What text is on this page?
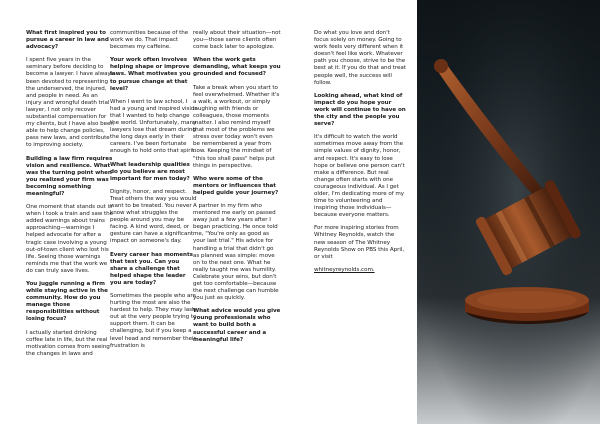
What first inspired you to pursue a career in law and advocacy?

I spent five years in the seminary before deciding to become a lawyer. I have always been devoted to representing the underserved, the injured, and people in need. As an injury and wrongful death trial lawyer, I not only recover substantial compensation for my clients, but I have also been able to help change policies, pass new laws, and contribute to improving society.

Building a law firm requires vision and resilience. What was the turning point when you realized your firm was becoming something meaningful?

One moment that stands out is when I took a train and saw the added warnings about trains approaching—warnings I helped advocate for after a tragic case involving a young out-of-town client who lost his life. Seeing those warnings reminds me that the work we do can truly save lives.

You juggle running a firm while staying active in the community. How do you manage those responsibilities without losing focus?

I actually started drinking coffee late in life, but the real motivation comes from seeing the changes in laws and

communities because of the work we do. That impact becomes my caffeine.

Your work often involves helping shape or improve laws. What motivates you to pursue change at that level?

When I went to law school, I had a young and inspired vision that I wanted to help change the world. Unfortunately, many lawyers lose that dream during the long days early in their careers. I've been fortunate enough to hold onto that spirit.

What leadership qualities do you believe are most important for men today?

Dignity, honor, and respect. Treat others the way you would want to be treated. You never know what struggles the people around you may be facing. A kind word, deed, or gesture can have a significant impact on someone's day.

Every career has moments that test you. Can you share a challenge that helped shape the leader you are today?

Sometimes the people who are hurting the most are also the hardest to help. They may lash out at the very people trying to support them. It can be challenging, but if you keep a level head and remember their frustration is

really about their situation—not you—those same clients often come back later to apologize.

When the work gets demanding, what keeps you grounded and focused?

Take a break when you start to feel overwhelmed. Whether it's a walk, a workout, or simply laughing with friends or colleagues, those moments matter. I also remind myself that most of the problems we stress over today won't even be remembered a year from now. Keeping the mindset of "this too shall pass" helps put things in perspective.

Who were some of the mentors or influences that helped guide your journey?

A partner in my firm who mentored me early on passed away just a few years after I began practicing. He once told me, "You're only as good as your last trial." His advice for handling a trial that didn't go as planned was simple: move on to the next one. What he really taught me was humility. Celebrate your wins, but don't get too comfortable—because the next challenge can humble you just as quickly.

What advice would you give young professionals who want to build both a successful career and a meaningful life?

Do what you love and don't focus solely on money. Going to work feels very different when it doesn't feel like work. Whatever path you choose, strive to be the best at it. If you do that and treat people well, the success will follow.

Looking ahead, what kind of impact do you hope your work will continue to have on the city and the people you serve?

It's difficult to watch the world sometimes move away from the simple values of dignity, honor, and respect. It's easy to lose hope or believe one person can't make a difference. But real change often starts with one courageous individual. As I get older, I'm dedicating more of my time to volunteering and inspiring those individuals—because everyone matters.

For more inspiring stories from Whitney Reynolds, watch the new season of The Whitney Reynolds Show on PBS this April, or visit

whitneyreynolds.com.
